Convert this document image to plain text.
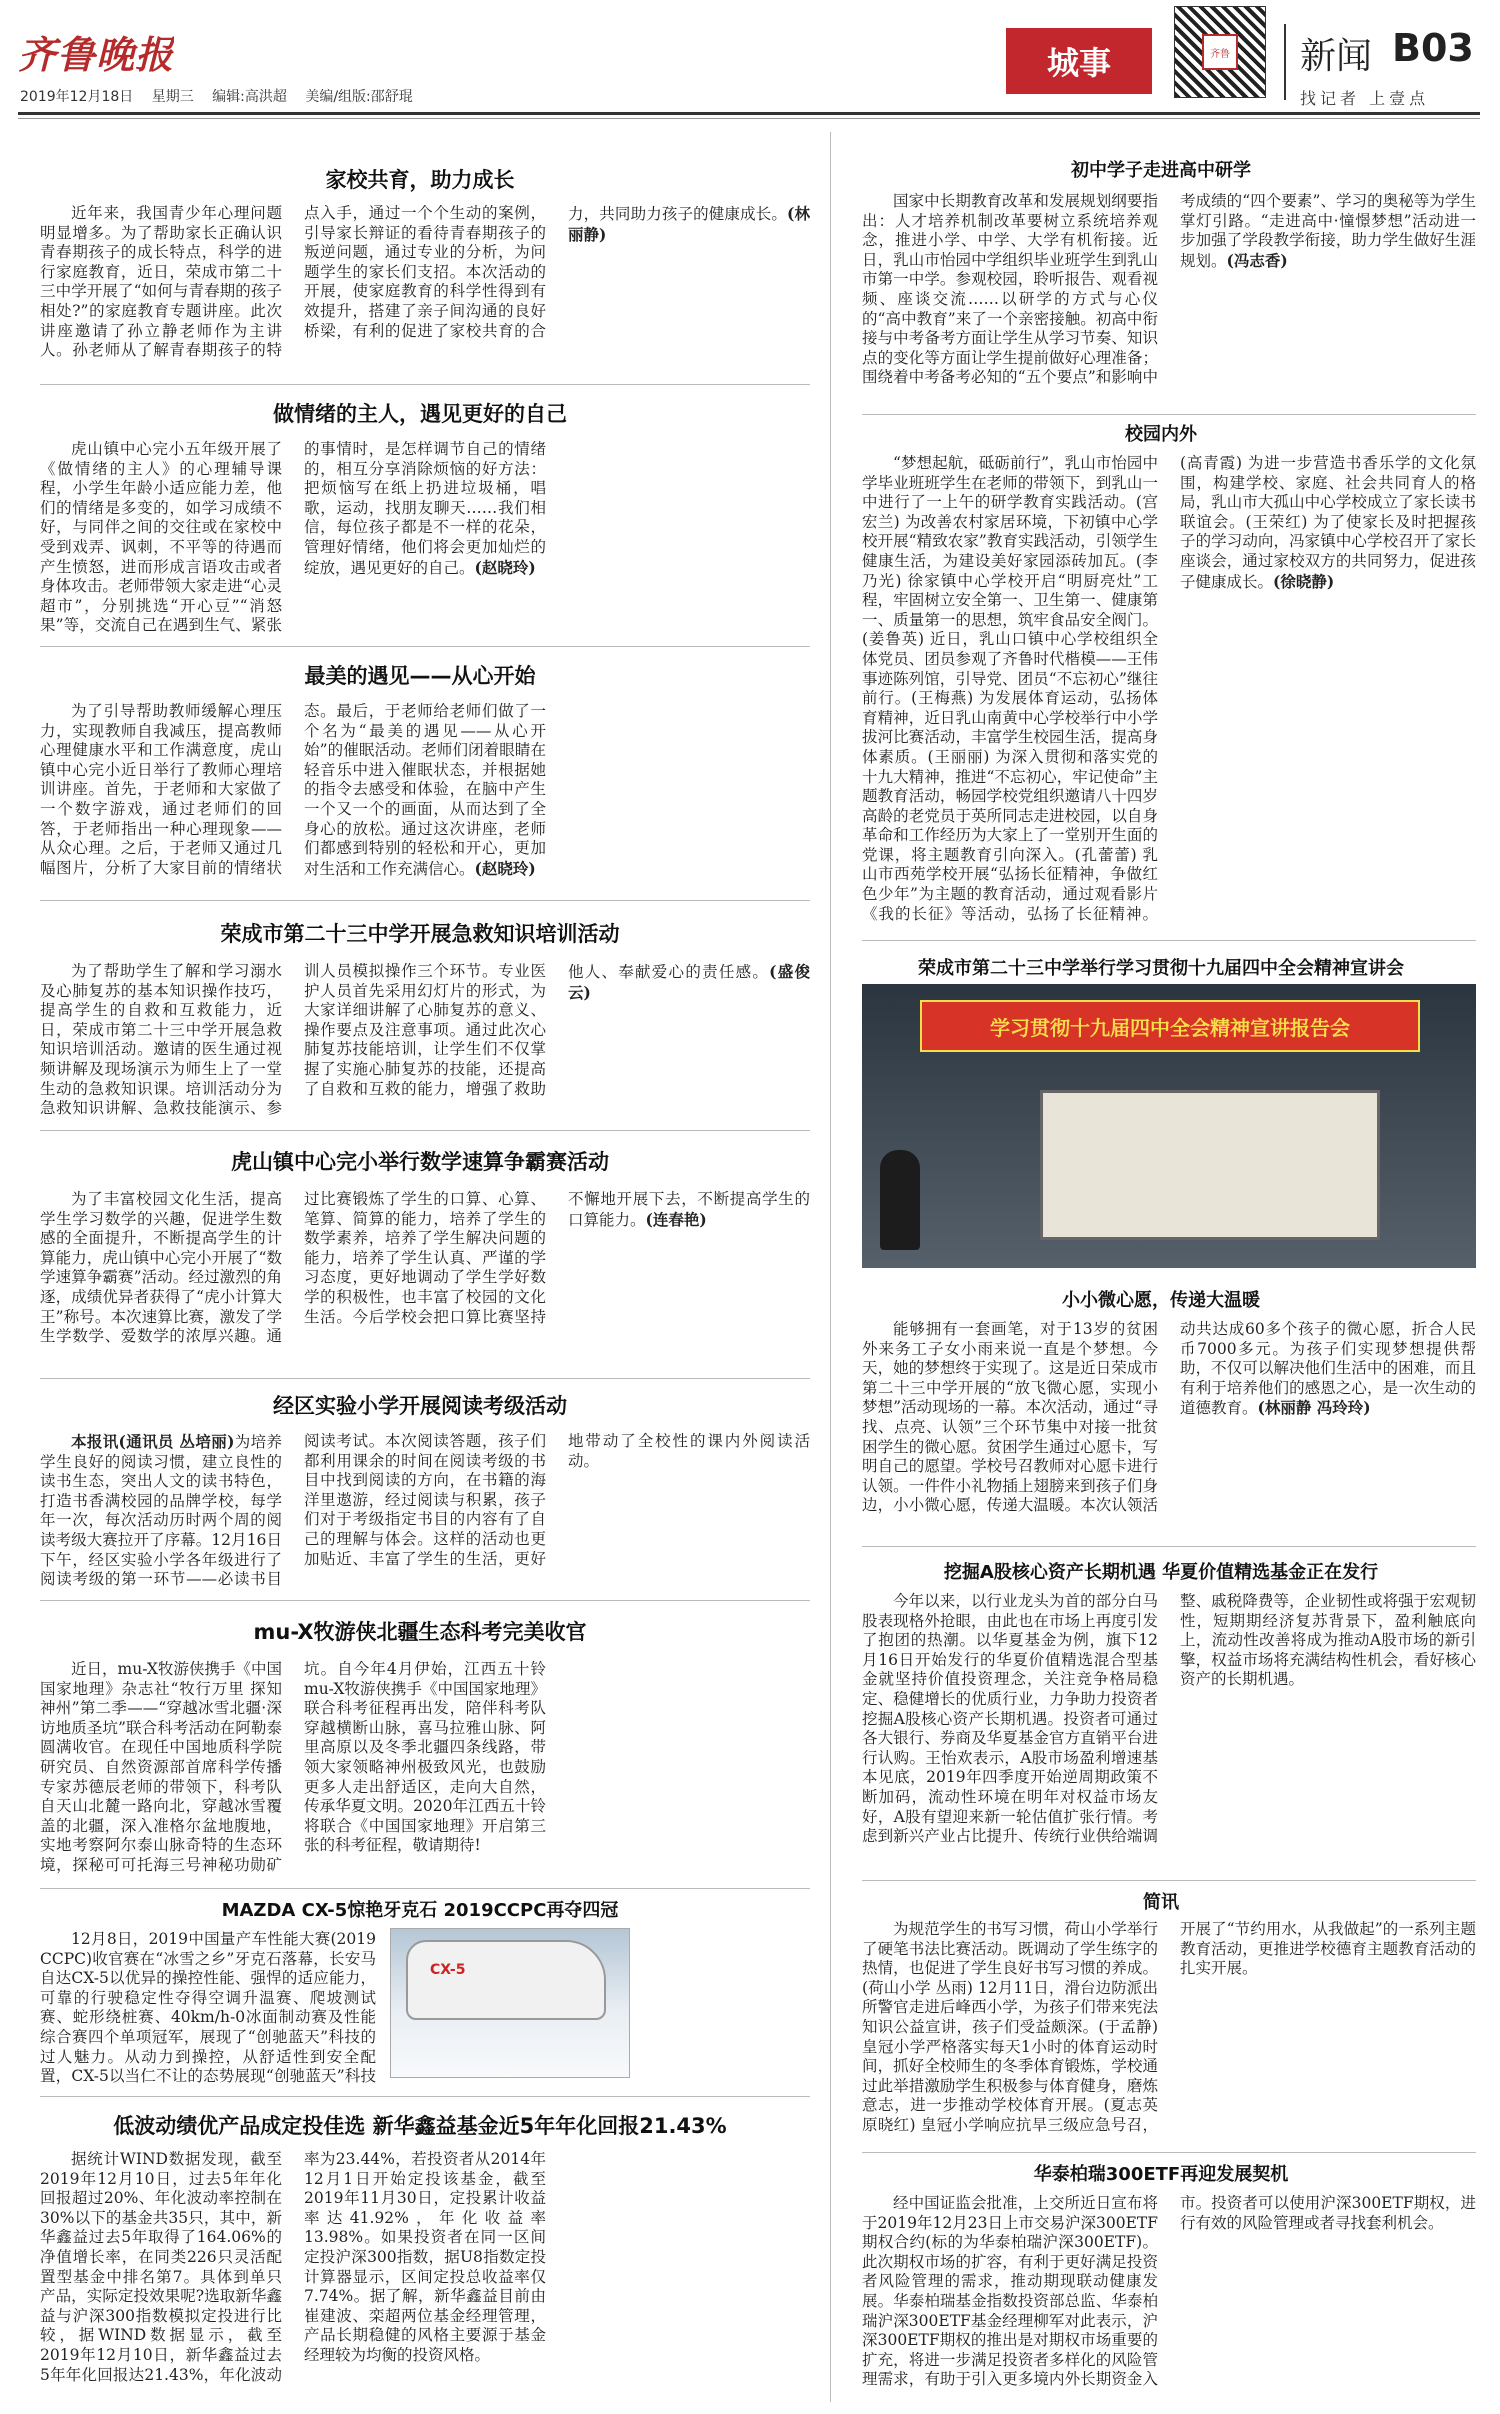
齐鲁晚报
2019年12月18日 星期三 编辑:高洪超 美编/组版:邵舒琨
城事	齐鲁 新闻 B03
找记者 上壹点
家校共育，助力成长
近年来，我国青少年心理问题明显增多。为了帮助家长正确认识青春期孩子的成长特点，科学的进行家庭教育，近日，荣成市第二十三中学开展了“如何与青春期的孩子相处?”的家庭教育专题讲座。此次讲座邀请了孙立静老师作为主讲人。孙老师从了解青春期孩子的特点入手，通过一个个生动的案例，引导家长辩证的看待青春期孩子的叛逆问题，通过专业的分析，为问题学生的家长们支招。本次活动的开展，使家庭教育的科学性得到有效提升，搭建了亲子间沟通的良好桥梁，有利的促进了家校共育的合力，共同助力孩子的健康成长。(林丽静)
做情绪的主人，遇见更好的自己
虎山镇中心完小五年级开展了《做情绪的主人》的心理辅导课程，小学生年龄小适应能力差，他们的情绪是多变的，如学习成绩不好，与同伴之间的交往或在家校中受到戏弄、讽刺，不平等的待遇而产生愤怒，进而形成言语攻击或者身体攻击。老师带领大家走进“心灵超市”，分别挑选“开心豆”“消怒果”等，交流自己在遇到生气、紧张的事情时，是怎样调节自己的情绪的，相互分享消除烦恼的好方法：把烦恼写在纸上扔进垃圾桶，唱歌，运动，找朋友聊天……我们相信，每位孩子都是不一样的花朵，管理好情绪，他们将会更加灿烂的绽放，遇见更好的自己。(赵晓玲)
最美的遇见——从心开始
为了引导帮助教师缓解心理压力，实现教师自我减压，提高教师心理健康水平和工作满意度，虎山镇中心完小近日举行了教师心理培训讲座。首先，于老师和大家做了一个数字游戏，通过老师们的回答，于老师指出一种心理现象——从众心理。之后，于老师又通过几幅图片，分析了大家目前的情绪状态。最后，于老师给老师们做了一个名为“最美的遇见——从心开始”的催眠活动。老师们闭着眼睛在轻音乐中进入催眠状态，并根据她的指令去感受和体验，在脑中产生一个又一个的画面，从而达到了全身心的放松。通过这次讲座，老师们都感到特别的轻松和开心，更加对生活和工作充满信心。(赵晓玲)
荣成市第二十三中学开展急救知识培训活动
为了帮助学生了解和学习溺水及心肺复苏的基本知识操作技巧，提高学生的自救和互救能力，近日，荣成市第二十三中学开展急救知识培训活动。邀请的医生通过视频讲解及现场演示为师生上了一堂生动的急救知识课。培训活动分为急救知识讲解、急救技能演示、参训人员模拟操作三个环节。专业医护人员首先采用幻灯片的形式，为大家详细讲解了心肺复苏的意义、操作要点及注意事项。通过此次心肺复苏技能培训，让学生们不仅掌握了实施心肺复苏的技能，还提高了自救和互救的能力，增强了救助他人、奉献爱心的责任感。(盛俊云)
虎山镇中心完小举行数学速算争霸赛活动
为了丰富校园文化生活，提高学生学习数学的兴趣，促进学生数感的全面提升，不断提高学生的计算能力，虎山镇中心完小开展了“数学速算争霸赛”活动。经过激烈的角逐，成绩优异者获得了“虎小计算大王”称号。本次速算比赛，激发了学生学数学、爱数学的浓厚兴趣。通过比赛锻炼了学生的口算、心算、笔算、简算的能力，培养了学生的数学素养，培养了学生解决问题的能力，培养了学生认真、严谨的学习态度，更好地调动了学生学好数学的积极性，也丰富了校园的文化生活。今后学校会把口算比赛坚持不懈地开展下去，不断提高学生的口算能力。(连春艳)
经区实验小学开展阅读考级活动
本报讯(通讯员 丛培丽)为培养学生良好的阅读习惯，建立良性的读书生态，突出人文的读书特色，打造书香满校园的品牌学校，每学年一次，每次活动历时两个周的阅读考级大赛拉开了序幕。12月16日下午，经区实验小学各年级进行了阅读考级的第一环节——必读书目阅读考试。本次阅读答题，孩子们都利用课余的时间在阅读考级的书目中找到阅读的方向，在书籍的海洋里遨游，经过阅读与积累，孩子们对于考级指定书目的内容有了自己的理解与体会。这样的活动也更加贴近、丰富了学生的生活，更好地带动了全校性的课内外阅读活动。
mu-X牧游侠北疆生态科考完美收官
近日，mu-X牧游侠携手《中国国家地理》杂志社“牧行万里 探知神州”第二季——“穿越冰雪北疆·深访地质圣坑”联合科考活动在阿勒泰圆满收官。在现任中国地质科学院研究员、自然资源部首席科学传播专家苏德辰老师的带领下，科考队自天山北麓一路向北，穿越冰雪覆盖的北疆，深入准格尔盆地腹地，实地考察阿尔泰山脉奇特的生态环境，探秘可可托海三号神秘功勋矿坑。自今年4月伊始，江西五十铃mu-X牧游侠携手《中国国家地理》联合科考征程再出发，陪伴科考队穿越横断山脉，喜马拉雅山脉、阿里高原以及冬季北疆四条线路，带领大家领略神州极致风光，也鼓励更多人走出舒适区，走向大自然，传承华夏文明。2020年江西五十铃将联合《中国国家地理》开启第三张的科考征程，敬请期待!
MAZDA CX-5惊艳牙克石 2019CCPC再夺四冠
CX-5
12月8日，2019中国量产车性能大赛(2019 CCPC)收官赛在“冰雪之乡”牙克石落幕，长安马自达CX-5以优异的操控性能、强悍的适应能力，可靠的行驶稳定性夺得空调升温赛、爬坡测试赛、蛇形绕桩赛、40km/h-0冰面制动赛及性能综合赛四个单项冠军，展现了“创驰蓝天”科技的过人魅力。从动力到操控，从舒适性到安全配置，CX-5以当仁不让的态势展现“创驰蓝天”科技
低波动绩优产品成定投佳选 新华鑫益基金近5年年化回报21.43%
据统计WIND数据发现，截至2019年12月10日，过去5年年化回报超过20%、年化波动率控制在30%以下的基金共35只，其中，新华鑫益过去5年取得了164.06%的净值增长率，在同类226只灵活配置型基金中排名第7。具体到单只产品，实际定投效果呢?选取新华鑫益与沪深300指数模拟定投进行比较，据WIND数据显示，截至2019年12月10日，新华鑫益过去5年年化回报达21.43%，年化波动率为23.44%，若投资者从2014年12月1日开始定投该基金，截至2019年11月30日，定投累计收益率达41.92%，年化收益率13.98%。如果投资者在同一区间定投沪深300指数，据U8指数定投计算器显示，区间定投总收益率仅7.74%。据了解，新华鑫益目前由崔建波、栾超两位基金经理管理，产品长期稳健的风格主要源于基金经理较为均衡的投资风格。
初中学子走进高中研学
国家中长期教育改革和发展规划纲要指出：人才培养机制改革要树立系统培养观念，推进小学、中学、大学有机衔接。近日，乳山市怡园中学组织毕业班学生到乳山市第一中学。参观校园，聆听报告、观看视频、座谈交流……以研学的方式与心仪的“高中教育”来了一个亲密接触。初高中衔接与中考备考方面让学生从学习节奏、知识点的变化等方面让学生提前做好心理准备；围绕着中考备考必知的“五个要点”和影响中考成绩的“四个要素”、学习的奥秘等为学生掌灯引路。“走进高中·憧憬梦想”活动进一步加强了学段教学衔接，助力学生做好生涯规划。(冯志香)
校园内外
“梦想起航，砥砺前行”，乳山市怡园中学毕业班班学生在老师的带领下，到乳山一中进行了一上午的研学教育实践活动。(宫宏兰) 为改善农村家居环境，下初镇中心学校开展“精致农家”教育实践活动，引领学生健康生活，为建设美好家园添砖加瓦。(李乃光) 徐家镇中心学校开启“明厨亮灶”工程，牢固树立安全第一、卫生第一、健康第一、质量第一的思想，筑牢食品安全阀门。(姜鲁英) 近日，乳山口镇中心学校组织全体党员、团员参观了齐鲁时代楷模——王伟事迹陈列馆，引导党、团员“不忘初心”继往前行。(王梅燕) 为发展体育运动，弘扬体育精神，近日乳山南黄中心学校举行中小学拔河比赛活动，丰富学生校园生活，提高身体素质。(王丽丽) 为深入贯彻和落实党的十九大精神，推进“不忘初心，牢记使命”主题教育活动，畅园学校党组织邀请八十四岁高龄的老党员于英所同志走进校园，以自身革命和工作经历为大家上了一堂别开生面的党课，将主题教育引向深入。(孔蕾蕾) 乳山市西苑学校开展“弘扬长征精神，争做红色少年”为主题的教育活动，通过观看影片《我的长征》等活动，弘扬了长征精神。(高青霞) 为进一步营造书香乐学的文化氛围，构建学校、家庭、社会共同育人的格局，乳山市大孤山中心学校成立了家长读书联谊会。(王荣红) 为了使家长及时把握孩子的学习动向，冯家镇中心学校召开了家长座谈会，通过家校双方的共同努力，促进孩子健康成长。(徐晓静)
荣成市第二十三中学举行学习贯彻十九届四中全会精神宣讲会
学习贯彻十九届四中全会精神宣讲报告会
小小微心愿，传递大温暖
能够拥有一套画笔，对于13岁的贫困外来务工子女小雨来说一直是个梦想。今天，她的梦想终于实现了。这是近日荣成市第二十三中学开展的“放飞微心愿，实现小梦想”活动现场的一幕。本次活动，通过“寻找、点亮、认领”三个环节集中对接一批贫困学生的微心愿。贫困学生通过心愿卡，写明自己的愿望。学校号召教师对心愿卡进行认领。一件件小礼物插上翅膀来到孩子们身边，小小微心愿，传递大温暖。本次认领活动共达成60多个孩子的微心愿，折合人民币7000多元。为孩子们实现梦想提供帮助，不仅可以解决他们生活中的困难，而且有利于培养他们的感恩之心，是一次生动的道德教育。(林丽静 冯玲玲)
挖掘A股核心资产长期机遇 华夏价值精选基金正在发行
今年以来，以行业龙头为首的部分白马股表现格外抢眼，由此也在市场上再度引发了抱团的热潮。以华夏基金为例，旗下12月16日开始发行的华夏价值精选混合型基金就坚持价值投资理念，关注竞争格局稳定、稳健增长的优质行业，力争助力投资者挖掘A股核心资产长期机遇。投资者可通过各大银行、券商及华夏基金官方直销平台进行认购。王怡欢表示，A股市场盈利增速基本见底，2019年四季度开始逆周期政策不断加码，流动性环境在明年对权益市场友好，A股有望迎来新一轮估值扩张行情。考虑到新兴产业占比提升、传统行业供给端调整、戚税降费等，企业韧性或将强于宏观韧性，短期期经济复苏背景下，盈利触底向上，流动性改善将成为推动A股市场的新引擎，权益市场将充满结构性机会，看好核心资产的长期机遇。
简讯
为规范学生的书写习惯，荷山小学举行了硬笔书法比赛活动。既调动了学生练字的热情，也促进了学生良好书写习惯的养成。(荷山小学 丛雨) 12月11日，滑台边防派出所警官走进后峰西小学，为孩子们带来宪法知识公益宣讲，孩子们受益颇深。(于孟静) 皇冠小学严格落实每天1小时的体育运动时间，抓好全校师生的冬季体育锻炼，学校通过此举措激励学生积极参与体育健身，磨炼意志，进一步推动学校体育开展。(夏志英 原晓红) 皇冠小学响应抗旱三级应急号召，开展了“节约用水，从我做起”的一系列主题教育活动，更推进学校德育主题教育活动的扎实开展。
华泰柏瑞300ETF再迎发展契机
经中国证监会批准，上交所近日宣布将于2019年12月23日上市交易沪深300ETF期权合约(标的为华泰柏瑞沪深300ETF)。此次期权市场的扩容，有利于更好满足投资者风险管理的需求，推动期现联动健康发展。华泰柏瑞基金指数投资部总监、华泰柏瑞沪深300ETF基金经理柳军对此表示，沪深300ETF期权的推出是对期权市场重要的扩充，将进一步满足投资者多样化的风险管理需求，有助于引入更多境内外长期资金入市。投资者可以使用沪深300ETF期权，进行有效的风险管理或者寻找套利机会。
